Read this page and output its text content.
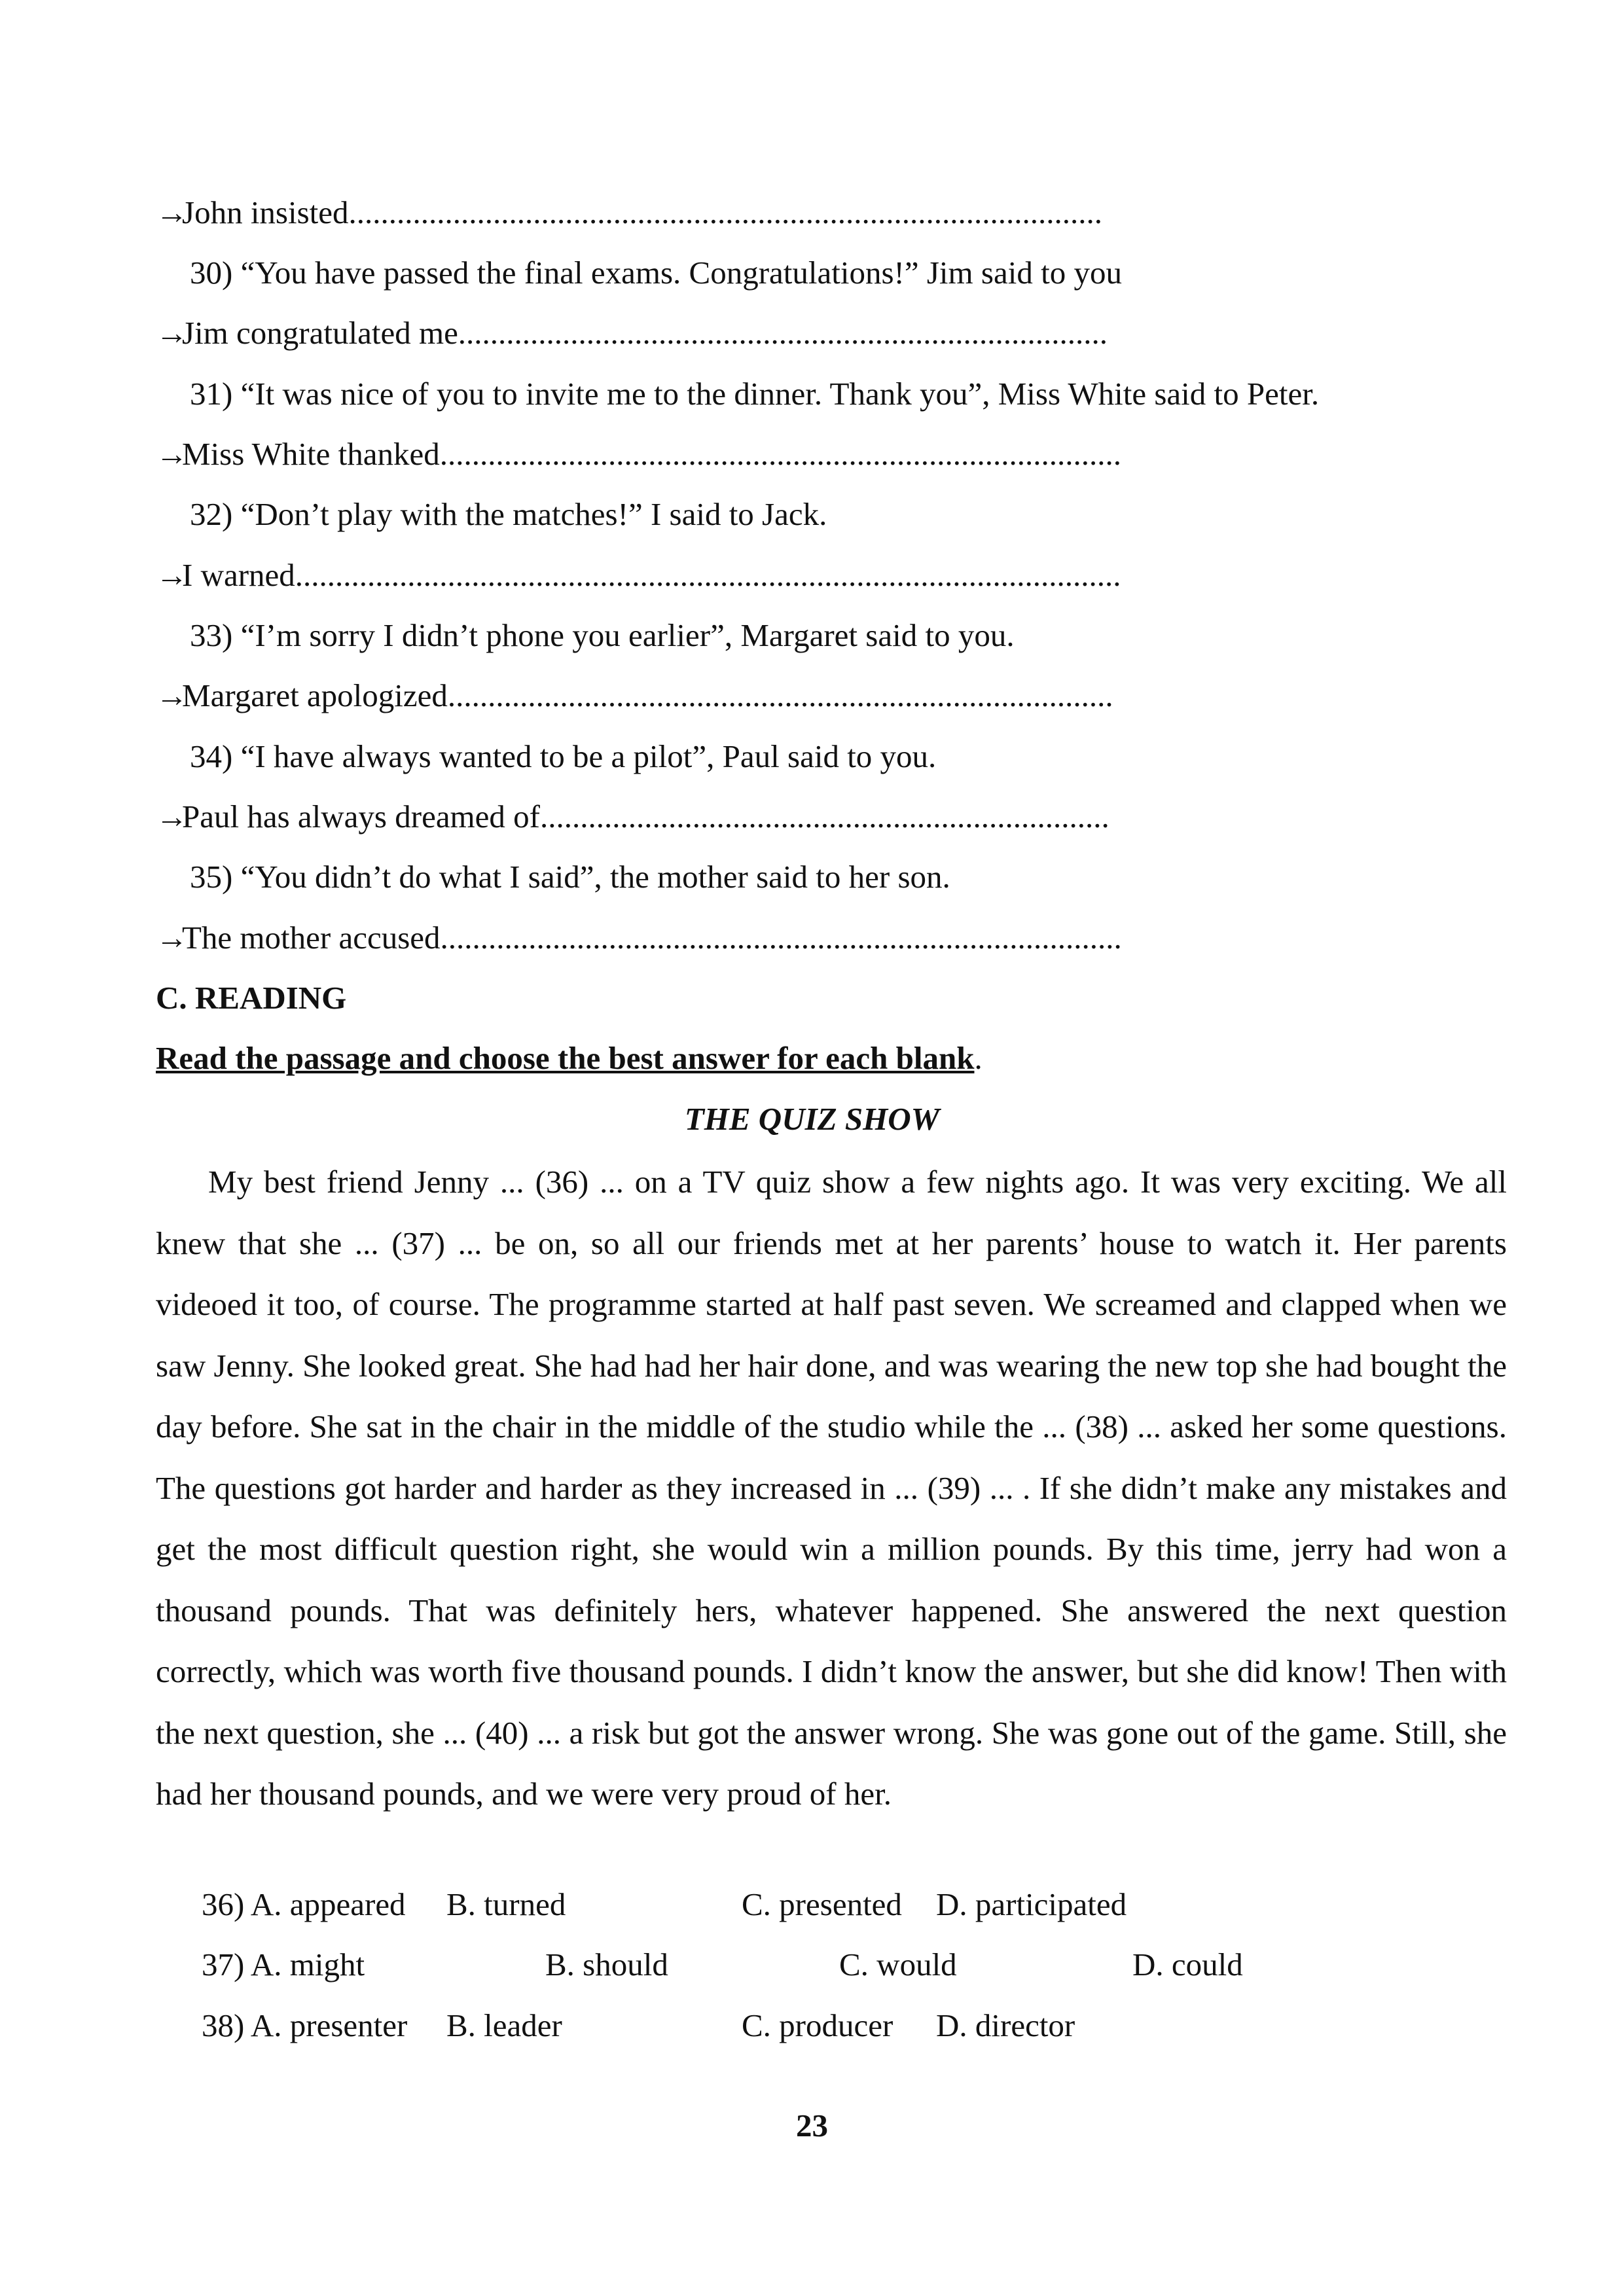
→John insisted..............................................................................................
30) “You have passed the final exams. Congratulations!” Jim said to you
→Jim congratulated me.................................................................................
31) “It was nice of you to invite me to the dinner. Thank you”, Miss White said to Peter.
→Miss White thanked.....................................................................................
32) “Don’t play with the matches!” I said to Jack.
→I warned.......................................................................................................
33) “I’m sorry I didn’t phone you earlier”, Margaret said to you.
→Margaret apologized...................................................................................
34) “I have always wanted to be a pilot”, Paul said to you.
→Paul has always dreamed of.......................................................................
35) “You didn’t do what I said”, the mother said to her son.
→The mother accused.....................................................................................
C. READING
Read the passage and choose the best answer for each blank.
THE QUIZ SHOW

My best friend Jenny ... (36) ... on a TV quiz show a few nights ago. It was very exciting. We all knew that she ... (37) ... be on, so all our friends met at her parents’ house to watch it. Her parents videoed it too, of course. The programme started at half past seven. We screamed and clapped when we saw Jenny. She looked great. She had had her hair done, and was wearing the new top she had bought the day before. She sat in the chair in the middle of the studio while the ... (38) ... asked her some questions. The questions got harder and harder as they increased in ... (39) ... . If she didn’t make any mistakes and get the most difficult question right, she would win a million pounds. By this time, jerry had won a thousand pounds. That was definitely hers, whatever happened. She answered the next question correctly, which was worth five thousand pounds. I didn’t know the answer, but she did know! Then with the next question, she ... (40) ... a risk but got the answer wrong. She was gone out of the game. Still, she had her thousand pounds, and we were very proud of her.

36) A. appeared B. turned	C. presented D. participated
37) A. might	B. should	C. would	D. could
38) A. presenter B. leader	C. producer D. director
23
